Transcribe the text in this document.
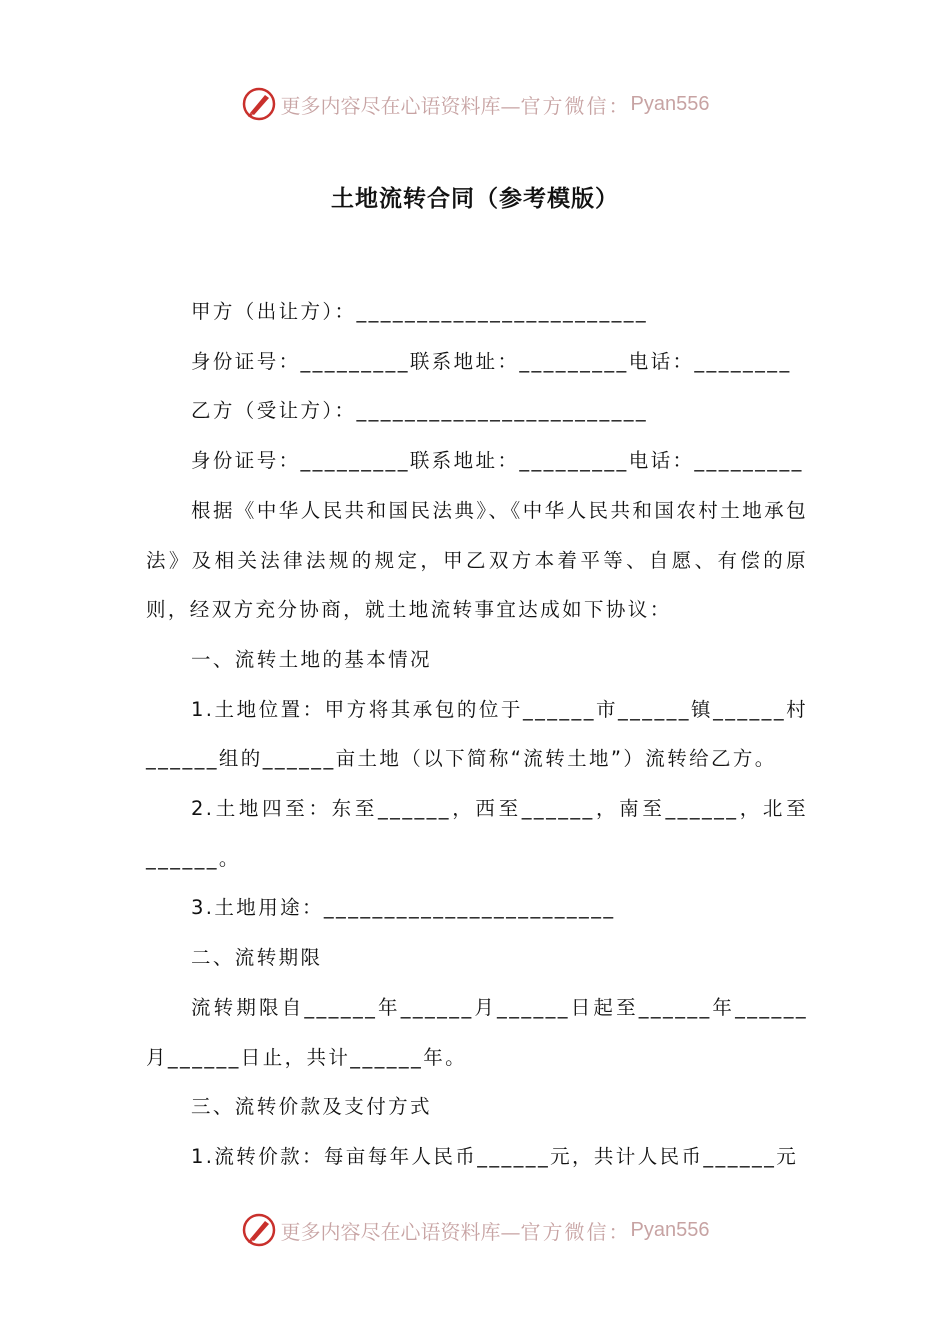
更多内容尽在心语资料库— 官方微信： Pyan556
土地流转合同（参考模版）

甲方（出让方）：________________________

身份证号：_________联系地址：_________电话：________

乙方（受让方）：________________________

身份证号：_________联系地址：_________电话：_________

根据《中华人民共和国民法典》、《中华人民共和国农村土地承包法》及相关法律法规的规定，甲乙双方本着平等、自愿、有偿的原则，经双方充分协商，就土地流转事宜达成如下协议：

一、流转土地的基本情况

1.土地位置：甲方将其承包的位于______市______镇______村______组的______亩土地（以下简称“流转土地”）流转给乙方。

2.土地四至：东至______，西至______，南至______，北至______。

3.土地用途：________________________

二、流转期限

流转期限自______年______月______日起至______年______月______日止，共计______年。

三、流转价款及支付方式

1.流转价款：每亩每年人民币______元，共计人民币______元

更多内容尽在心语资料库— 官方微信： Pyan556
